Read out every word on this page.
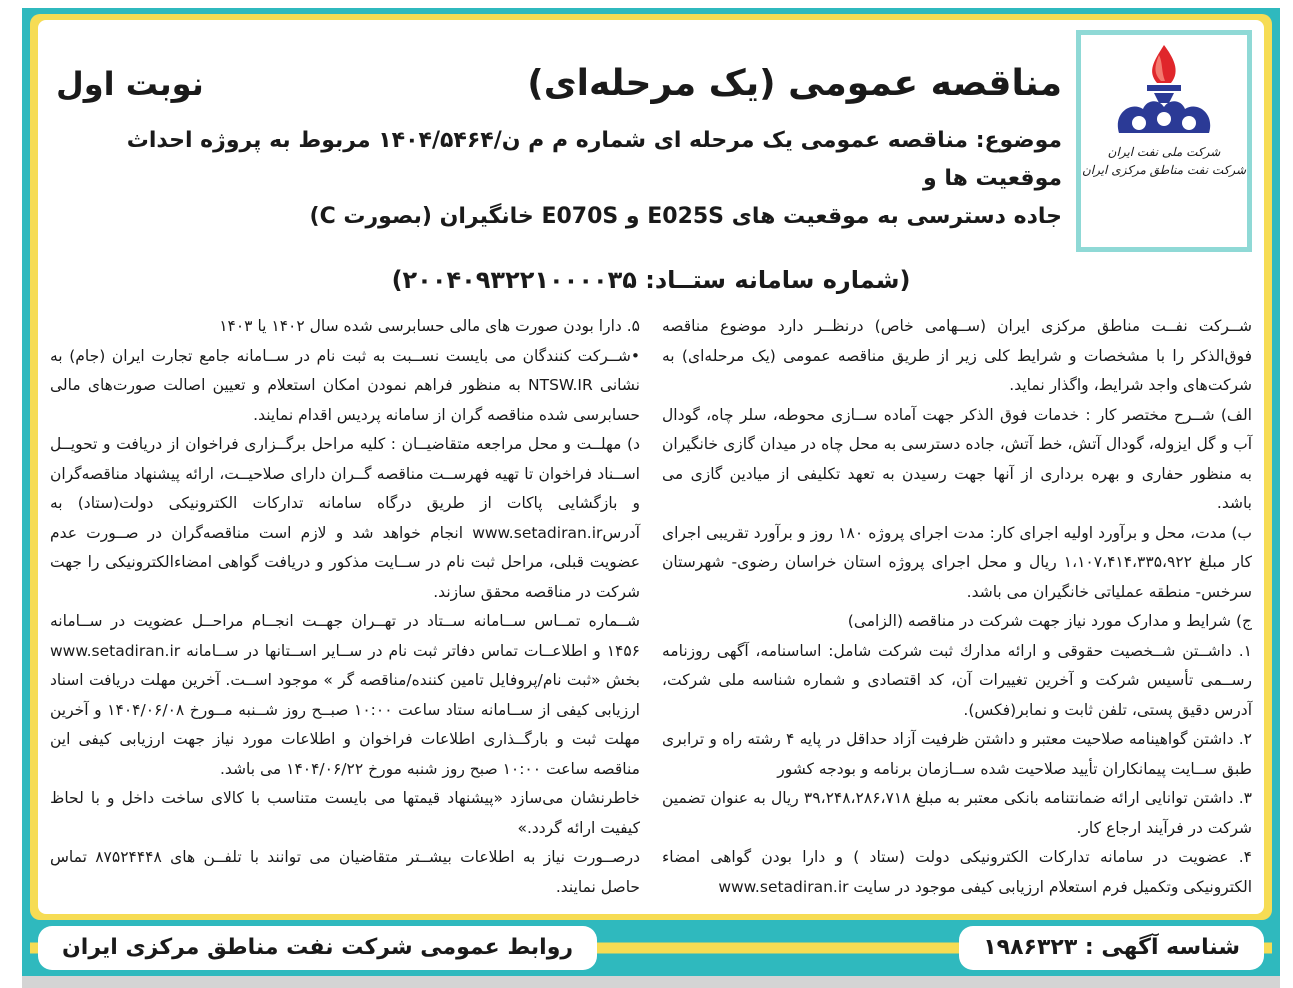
شرکت ملی نفت ایران
شرکت نفت مناطق مرکزی ایران
مناقصه عمومی (یک مرحله‌ای)
نوبت اول
موضوع: مناقصه عمومی یک مرحله ای شماره م م ن/۱۴۰۴/۵۴۶۴ مربوط به پروژه احداث موقعیت ها و
جاده دسترسی به موقعیت های E025S و E070S خانگیران (بصورت C)
(شماره سامانه ستــاد: ۲۰۰۴۰۹۳۲۲۱۰۰۰۰۳۵)

شــرکت نفــت مناطق مرکزی ایران (ســهامی خاص) درنظــر دارد موضوع مناقصه فوق‌الذکر را با مشخصات و شرایط کلی زیر از طریق مناقصه عمومی (یک مرحله‌ای) به شرکت‌های واجد شرایط، واگذار نماید.

الف) شــرح مختصر کار : خدمات فوق الذکر جهت آماده ســازی محوطه، سلر چاه، گودال آب و گل ایزوله، گودال آتش، خط آتش، جاده دسترسی به محل چاه در میدان گازی خانگیران به منظور حفاری و بهره برداری از آنها جهت رسیدن به تعهد تکلیفی از میادین گازی می باشد.

ب) مدت، محل و برآورد اولیه اجرای کار: مدت اجرای پروژه ۱۸۰ روز و برآورد تقریبی اجرای کار مبلغ ۱،۱۰۷،۴۱۴،۳۳۵،۹۲۲ ریال و محل اجرای پروژه استان خراسان رضوی- شهرستان سرخس- منطقه عملیاتی خانگیران می باشد.

ج) شرایط و مدارک مورد نیاز جهت شرکت در مناقصه (الزامی)

۱. داشــتن شــخصیت حقوقی و ارائه مدارك ثبت شرکت شامل: اساسنامه، آگهی روزنامه رســمی تأسیس شرکت و آخرین تغییرات آن، کد اقتصادی و شماره شناسه ملی شرکت، آدرس دقیق پستی، تلفن ثابت و نمابر(فکس).

۲. داشتن گواهینامه صلاحیت معتبر و داشتن ظرفیت آزاد حداقل در پایه ۴ رشته راه و ترابری طبق ســایت پیمانکاران تأیید صلاحیت شده ســازمان برنامه و بودجه کشور

۳. داشتن توانایی ارائه ضمانتنامه بانکی معتبر به مبلغ ۳۹،۲۴۸،۲۸۶،۷۱۸ ریال به عنوان تضمین شرکت در فرآیند ارجاع کار.

۴. عضویت در سامانه تدارکات الکترونیکی دولت (ستاد ) و دارا بودن گواهی امضاء الکترونیکی وتکمیل فرم استعلام ارزیابی کیفی موجود در سایت www.setadiran.ir

۵. دارا بودن صورت های مالی حسابرسی شده سال ۱۴۰۲ یا ۱۴۰۳

•شــرکت کنندگان می بایست نســبت به ثبت نام در ســامانه جامع تجارت ایران (جام) به نشانی NTSW.IR به منظور فراهم نمودن امکان استعلام و تعیین اصالت صورت‌های مالی حسابرسی شده مناقصه گران از سامانه پردیس اقدام نمایند.

د) مهلــت و محل مراجعه متقاضیــان : کلیه مراحل برگــزاری فراخوان از دریافت و تحویــل اســناد فراخوان تا تهیه فهرســت مناقصه گــران دارای صلاحیــت، ارائه پیشنهاد مناقصه‌گران و بازگشایی پاکات از طریق درگاه سامانه تدارکات الکترونیکی دولت(ستاد) به آدرسwww.setadiran.ir انجام خواهد شد و لازم است مناقصه‌گران در صــورت عدم عضویت قبلی، مراحل ثبت نام در ســایت مذکور و دریافت گواهی امضاءالکترونیکی را جهت شرکت در مناقصه محقق سازند.

شــماره تمــاس ســامانه ســتاد در تهــران جهــت انجــام مراحــل عضویت در ســامانه ۱۴۵۶ و اطلاعــات تماس دفاتر ثبت نام در ســایر اســتانها در ســامانه www.setadiran.ir بخش «ثبت نام/پروفایل تامین کننده/مناقصه گر » موجود اســت. آخرین مهلت دریافت اسناد ارزیابی کیفی از ســامانه ستاد ساعت ۱۰:۰۰ صبــح روز شــنبه مــورخ ۱۴۰۴/۰۶/۰۸ و آخرین مهلت ثبت و بارگــذاری اطلاعات فراخوان و اطلاعات مورد نیاز جهت ارزیابی کیفی این مناقصه ساعت ۱۰:۰۰ صبح روز شنبه مورخ ۱۴۰۴/۰۶/۲۲ می باشد.

خاطرنشان می‌سازد «پیشنهاد قیمتها می بایست متناسب با کالای ساخت داخل و با لحاظ کیفیت ارائه گردد.»

درصــورت نیاز به اطلاعات بیشــتر متقاضیان می توانند با تلفــن های ۸۷۵۲۴۴۴۸ تماس حاصل نمایند.

شناسه آگهی : ۱۹۸۶۳۲۳
روابط عمومی شرکت نفت مناطق مرکزی ایران
